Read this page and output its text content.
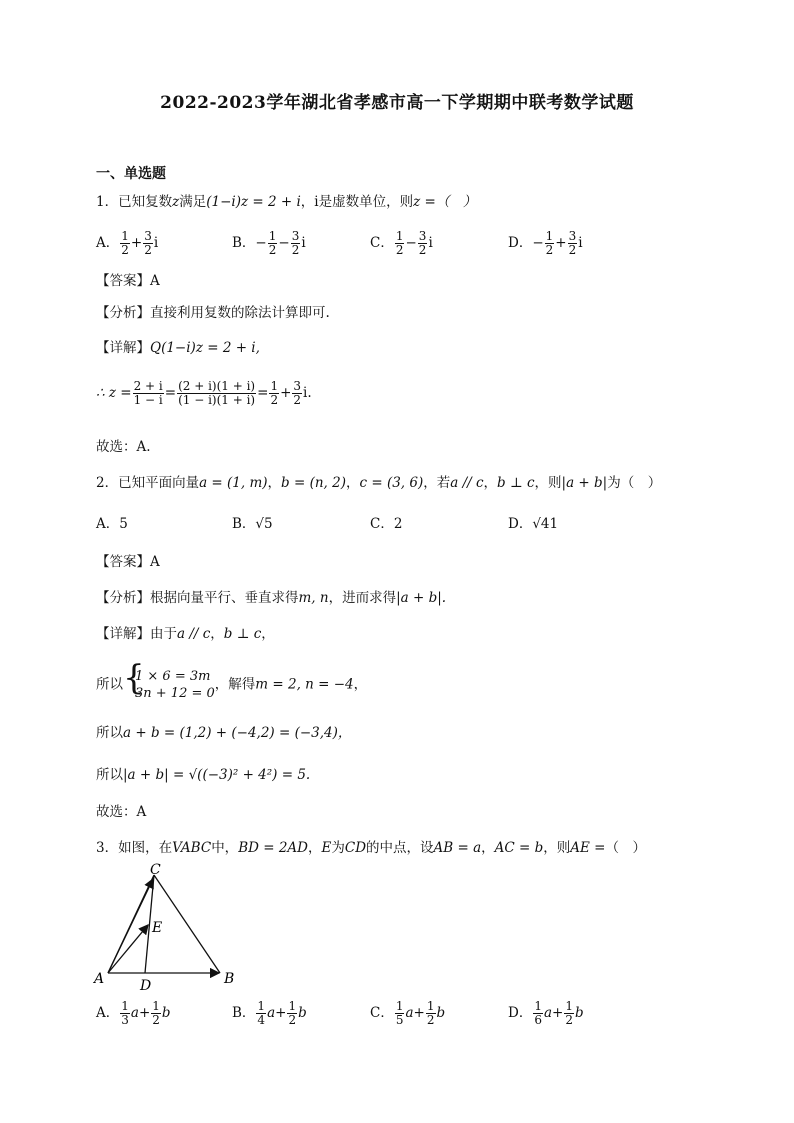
2022-2023学年湖北省孝感市高一下学期期中联考数学试题
一、单选题
1．已知复数z满足(1−i)z = 2 + i，i是虚数单位，则z =（　）
A． $\frac{1}{2} + \frac{3}{2}$ i	B．− $\frac{1}{2} - \frac{3}{2}$ i	C． $\frac{1}{2} - \frac{3}{2}$ i	D．− $\frac{1}{2} + \frac{3}{2}$ i
【答案】A
【分析】直接利用复数的除法计算即可.
【详解】Q(1−i)z = 2 + i,
∴ $z = \frac{2 + i}{1 - i} = \frac{(2 + i)(1 + i)}{(1 - i)(1 + i)} = \frac{1}{2} + \frac{3}{2} i$.
故选：A.
2．已知平面向量a = (1, m)，b = (n, 2)，c = (3, 6)，若a // c，b ⊥ c，则|a + b|为（　）
A．5	B．√5	C．2	D．√41
【答案】A
【分析】根据向量平行、垂直求得m, n，进而求得|a + b|.
【详解】由于a // c，b ⊥ c，
所以 {
1 × 6 = 3m
3n + 12 = 0
，解得m = 2, n = −4，
所以a + b = (1,2) + (−4,2) = (−3,4)，
所以|a + b| = √((−3)² + 4²) = 5.
故选：A
3．如图，在VABC中，BD = 2AD，E为CD的中点，设AB = a，AC = b，则AE =（　）
C
E
A	D	B
A． $\frac{1}{3} a+ \frac{1}{2}$ b	B． $\frac{1}{4} a+ \frac{1}{2}$ b	C． $\frac{1}{5} a+ \frac{1}{2}$ b	D． $\frac{1}{6} a+ \frac{1}{2}$ b
